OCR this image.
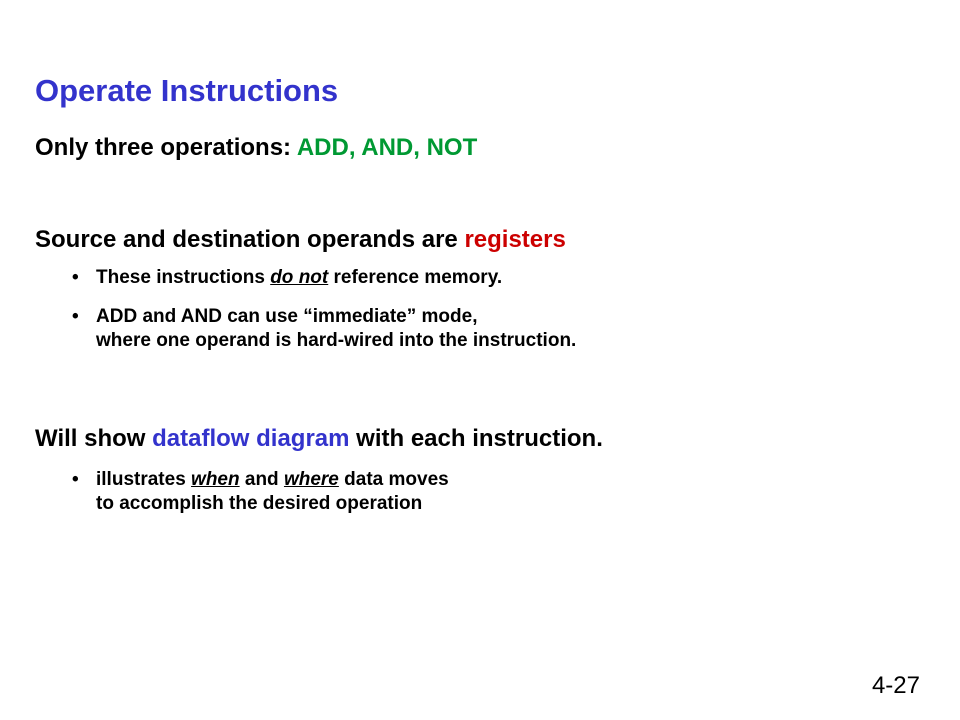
Operate Instructions
Only three operations: ADD, AND, NOT
Source and destination operands are registers
• These instructions do not reference memory.
• ADD and AND can use “immediate” mode,
where one operand is hard-wired into the instruction.
Will show dataflow diagram with each instruction.
• illustrates when and where data moves
to accomplish the desired operation
4-27
